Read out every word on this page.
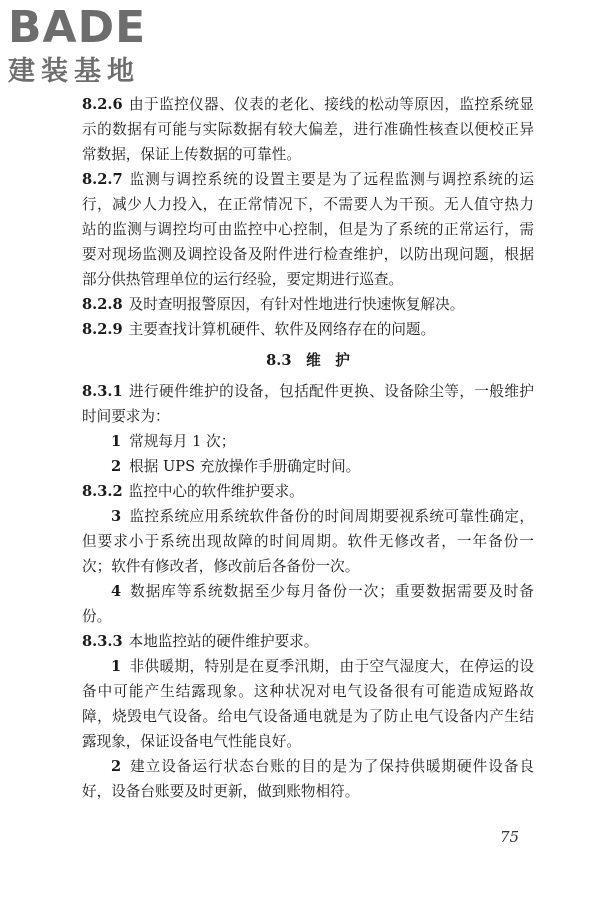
BADE
建装基地

8.2.6 由于监控仪器、仪表的老化、接线的松动等原因，监控系统显示的数据有可能与实际数据有较大偏差，进行准确性核查以便校正异常数据，保证上传数据的可靠性。

8.2.7 监测与调控系统的设置主要是为了远程监测与调控系统的运行，减少人力投入，在正常情况下，不需要人为干预。无人值守热力站的监测与调控均可由监控中心控制，但是为了系统的正常运行，需要对现场监测及调控设备及附件进行检查维护，以防出现问题，根据部分供热管理单位的运行经验，要定期进行巡查。

8.2.8 及时查明报警原因，有针对性地进行快速恢复解决。

8.2.9 主要查找计算机硬件、软件及网络存在的问题。

8.3　 维　护

8.3.1 进行硬件维护的设备，包括配件更换、设备除尘等，一般维护时间要求为：

1 常规每月 1 次；

2 根据 UPS 充放操作手册确定时间。

8.3.2 监控中心的软件维护要求。

3 监控系统应用系统软件备份的时间周期要视系统可靠性确定，但要求小于系统出现故障的时间周期。软件无修改者，一年备份一次；软件有修改者，修改前后各备份一次。

4 数据库等系统数据至少每月备份一次；重要数据需要及时备份。

8.3.3 本地监控站的硬件维护要求。

1 非供暖期，特别是在夏季汛期，由于空气湿度大，在停运的设备中可能产生结露现象。这种状况对电气设备很有可能造成短路故障，烧毁电气设备。给电气设备通电就是为了防止电气设备内产生结露现象，保证设备电气性能良好。

2 建立设备运行状态台账的目的是为了保持供暖期硬件设备良好，设备台账要及时更新，做到账物相符。

75
